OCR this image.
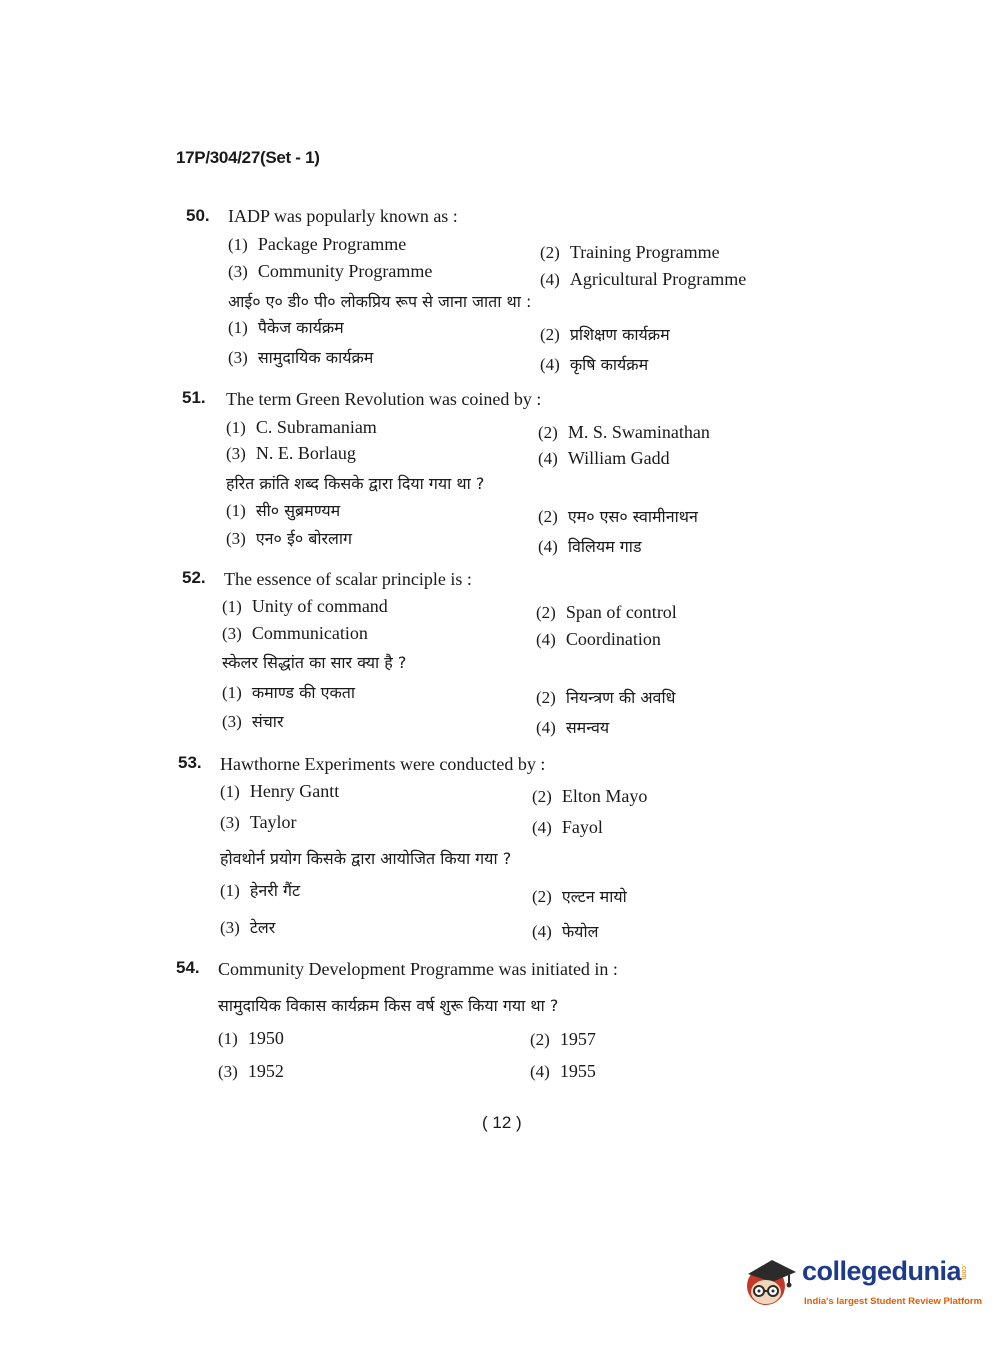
17P/304/27(Set - 1)
50. IADP was popularly known as :
(1) Package Programme	(2) Training Programme
(3) Community Programme	(4) Agricultural Programme
आई० ए० डी० पी० लोकप्रिय रूप से जाना जाता था :
(1) पैकेज कार्यक्रम	(2) प्रशिक्षण कार्यक्रम
(3) सामुदायिक कार्यक्रम	(4) कृषि कार्यक्रम
51. The term Green Revolution was coined by :
(1) C. Subramaniam	(2) M. S. Swaminathan
(3) N. E. Borlaug	(4) William Gadd
हरित क्रांति शब्द किसके द्वारा दिया गया था ?
(1) सी० सुब्रमण्यम	(2) एम० एस० स्वामीनाथन
(3) एन० ई० बोरलाग	(4) विलियम गाड
52. The essence of scalar principle is :
(1) Unity of command	(2) Span of control
(3) Communication	(4) Coordination
स्केलर सिद्धांत का सार क्या है ?
(1) कमाण्ड की एकता	(2) नियन्त्रण की अवधि
(3) संचार	(4) समन्वय
53. Hawthorne Experiments were conducted by :
(1) Henry Gantt	(2) Elton Mayo
(3) Taylor	(4) Fayol
होवथोर्न प्रयोग किसके द्वारा आयोजित किया गया ?
(1) हेनरी गैंट	(2) एल्टन मायो
(3) टेलर	(4) फेयोल
54. Community Development Programme was initiated in :
सामुदायिक विकास कार्यक्रम किस वर्ष शुरू किया गया था ?
(1) 1950	(2) 1957
(3) 1952	(4) 1955
( 12 )
collegedunia
.com
India's largest Student Review Platform
